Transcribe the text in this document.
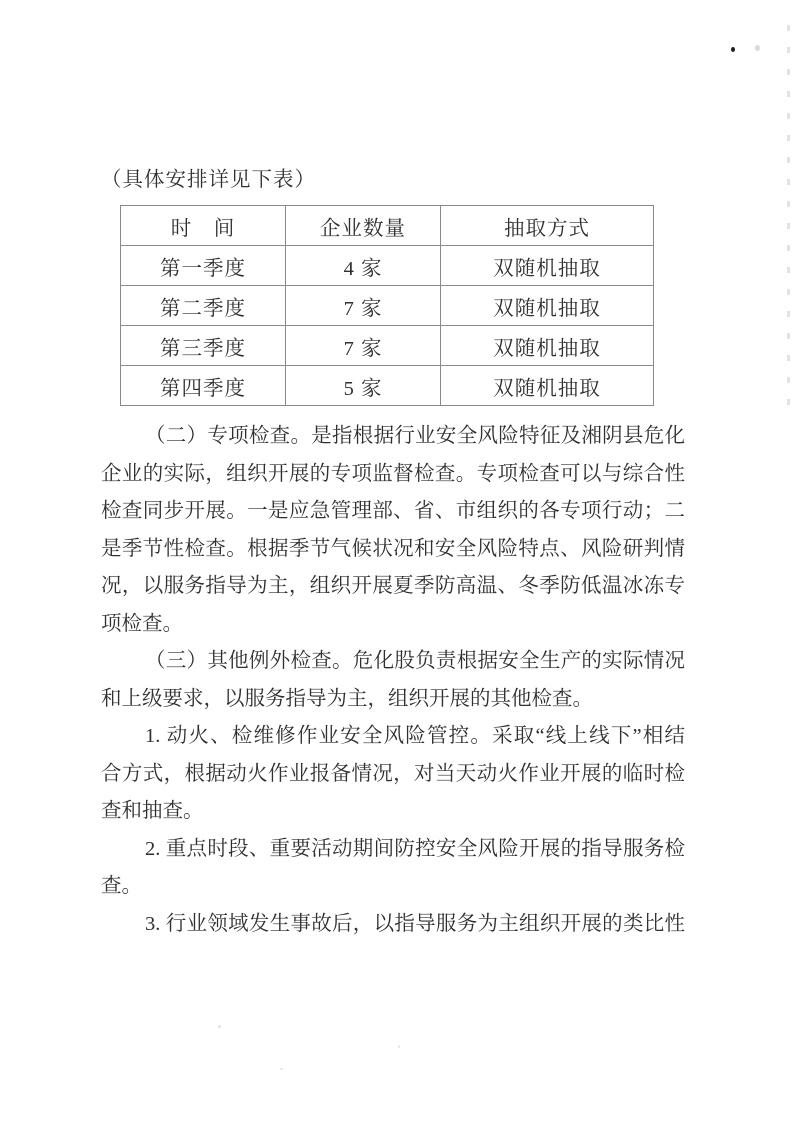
（具体安排详见下表）
时　间	企业数量	抽取方式
第一季度	4 家	双随机抽取
第二季度	7 家	双随机抽取
第三季度	7 家	双随机抽取
第四季度	5 家	双随机抽取
（二）专项检查。是指根据行业安全风险特征及湘阴县危化
企业的实际，组织开展的专项监督检查。专项检查可以与综合性
检查同步开展。一是应急管理部、省、市组织的各专项行动；二
是季节性检查。根据季节气候状况和安全风险特点、风险研判情
况，以服务指导为主，组织开展夏季防高温、冬季防低温冰冻专
项检查。
（三）其他例外检查。危化股负责根据安全生产的实际情况
和上级要求，以服务指导为主，组织开展的其他检查。
1. 动火、检维修作业安全风险管控。采取“线上线下”相结
合方式，根据动火作业报备情况，对当天动火作业开展的临时检
查和抽查。
2. 重点时段、重要活动期间防控安全风险开展的指导服务检
查。
3. 行业领域发生事故后，以指导服务为主组织开展的类比性
